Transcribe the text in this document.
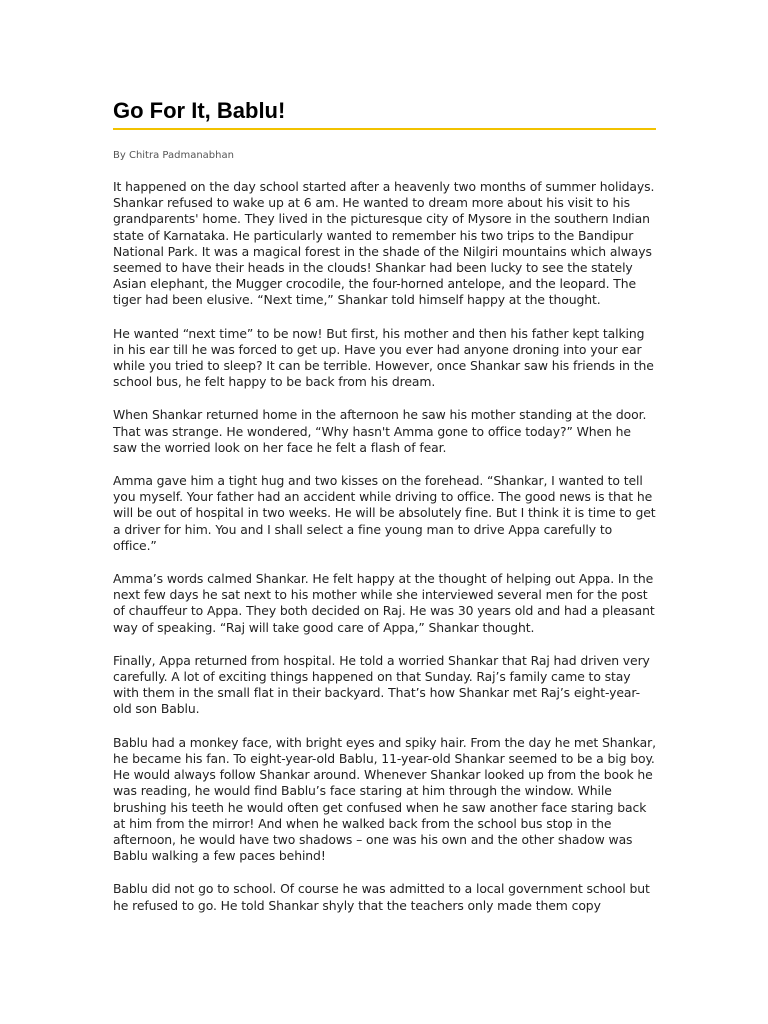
Go For It, Bablu!

By Chitra Padmanabhan

It happened on the day school started after a heavenly two months of summer holidays. Shankar refused to wake up at 6 am. He wanted to dream more about his visit to his grandparents' home. They lived in the picturesque city of Mysore in the southern Indian state of Karnataka. He particularly wanted to remember his two trips to the Bandipur National Park. It was a magical forest in the shade of the Nilgiri mountains which always seemed to have their heads in the clouds! Shankar had been lucky to see the stately Asian elephant, the Mugger crocodile, the four-horned antelope, and the leopard. The tiger had been elusive. “Next time,” Shankar told himself happy at the thought.

He wanted “next time” to be now! But first, his mother and then his father kept talking in his ear till he was forced to get up. Have you ever had anyone droning into your ear while you tried to sleep? It can be terrible. However, once Shankar saw his friends in the school bus, he felt happy to be back from his dream.

When Shankar returned home in the afternoon he saw his mother standing at the door. That was strange. He wondered, “Why hasn't Amma gone to office today?” When he saw the worried look on her face he felt a flash of fear.

Amma gave him a tight hug and two kisses on the forehead. “Shankar, I wanted to tell you myself. Your father had an accident while driving to office. The good news is that he will be out of hospital in two weeks. He will be absolutely fine. But I think it is time to get a driver for him. You and I shall select a fine young man to drive Appa carefully to office.”

Amma’s words calmed Shankar. He felt happy at the thought of helping out Appa. In the next few days he sat next to his mother while she interviewed several men for the post of chauffeur to Appa. They both decided on Raj. He was 30 years old and had a pleasant way of speaking. “Raj will take good care of Appa,” Shankar thought.

Finally, Appa returned from hospital. He told a worried Shankar that Raj had driven very carefully. A lot of exciting things happened on that Sunday. Raj’s family came to stay with them in the small flat in their backyard. That’s how Shankar met Raj’s eight-year-old son Bablu.

Bablu had a monkey face, with bright eyes and spiky hair. From the day he met Shankar, he became his fan. To eight-year-old Bablu, 11-year-old Shankar seemed to be a big boy. He would always follow Shankar around. Whenever Shankar looked up from the book he was reading, he would find Bablu’s face staring at him through the window. While brushing his teeth he would often get confused when he saw another face staring back at him from the mirror! And when he walked back from the school bus stop in the afternoon, he would have two shadows – one was his own and the other shadow was Bablu walking a few paces behind!

Bablu did not go to school. Of course he was admitted to a local government school but he refused to go. He told Shankar shyly that the teachers only made them copy
